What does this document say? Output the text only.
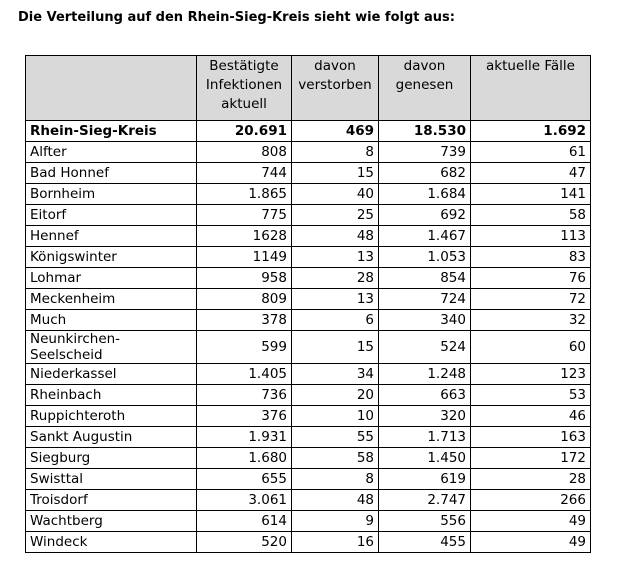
Die Verteilung auf den Rhein-Sieg-Kreis sieht wie folgt aus:
	Bestätigte Infektionen aktuell	davon verstorben	davon genesen	aktuelle Fälle
Rhein-Sieg-Kreis	20.691	469	18.530	1.692
Alfter	808	8	739	61
Bad Honnef	744	15	682	47
Bornheim	1.865	40	1.684	141
Eitorf	775	25	692	58
Hennef	1628	48	1.467	113
Königswinter	1149	13	1.053	83
Lohmar	958	28	854	76
Meckenheim	809	13	724	72
Much	378	6	340	32
Neunkirchen-Seelscheid	599	15	524	60
Niederkassel	1.405	34	1.248	123
Rheinbach	736	20	663	53
Ruppichteroth	376	10	320	46
Sankt Augustin	1.931	55	1.713	163
Siegburg	1.680	58	1.450	172
Swisttal	655	8	619	28
Troisdorf	3.061	48	2.747	266
Wachtberg	614	9	556	49
Windeck	520	16	455	49
